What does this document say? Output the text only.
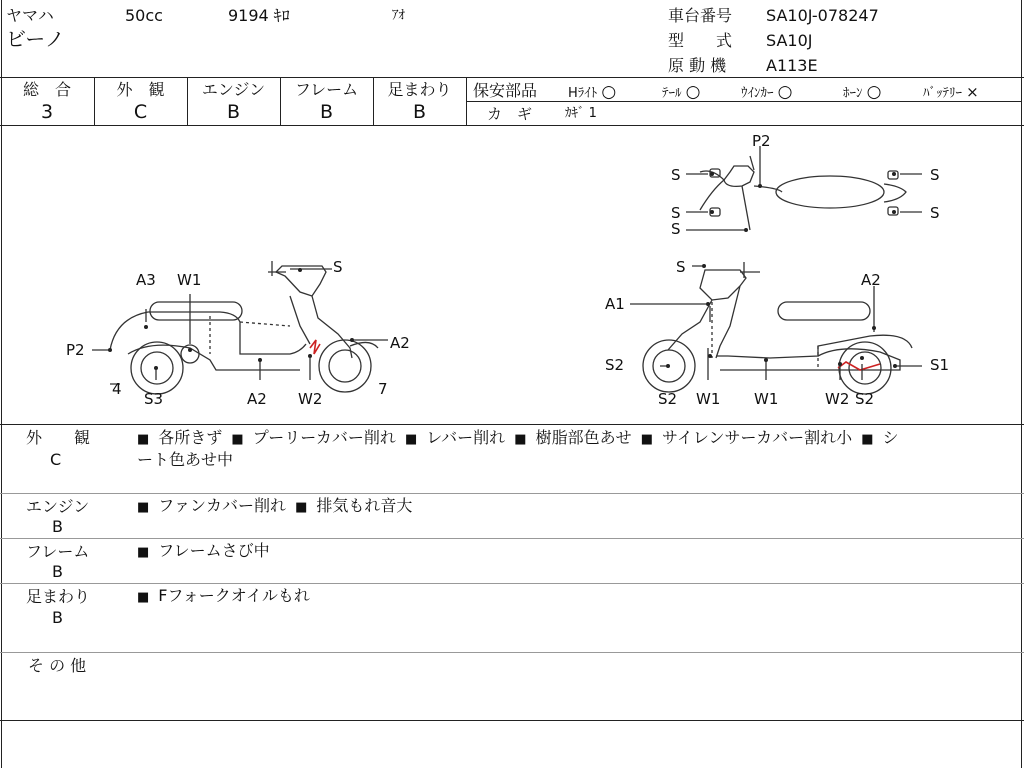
ヤマハ	50cc	9194 ｷﾛ	ｱｵ
ビーノ
車台番号 SA10J-078247
型　　式 SA10J
原 動 機 A113E
総　合
3
外　観
C
エンジン
B
フレーム
B
足まわり
B
保安部品 Hﾗｲﾄ ○	ﾃｰﾙ ○	ｳｲﾝｶｰ ○	ﾎｰﾝ ○	ﾊﾞｯﾃﾘｰ ×
カ　ギ	ｶｷﾞ 1
A3 W1
S
P2	A2
4
S3	A2 W2
7
S
A2
A1
S2	S1
S2 W1 W1	W2 S2
P2
S
S
S
S
S
外　　観
C
■ 各所きず ■ プーリーカバー削れ ■ レバー削れ ■ 樹脂部色あせ ■ サイレンサーカバー割れ小 ■ シ
ート色あせ中
エンジン
B
■ ファンカバー削れ ■ 排気もれ音大
フレーム
B
■ フレームさび中
足まわり
B
■ Fフォークオイルもれ
そ の 他
